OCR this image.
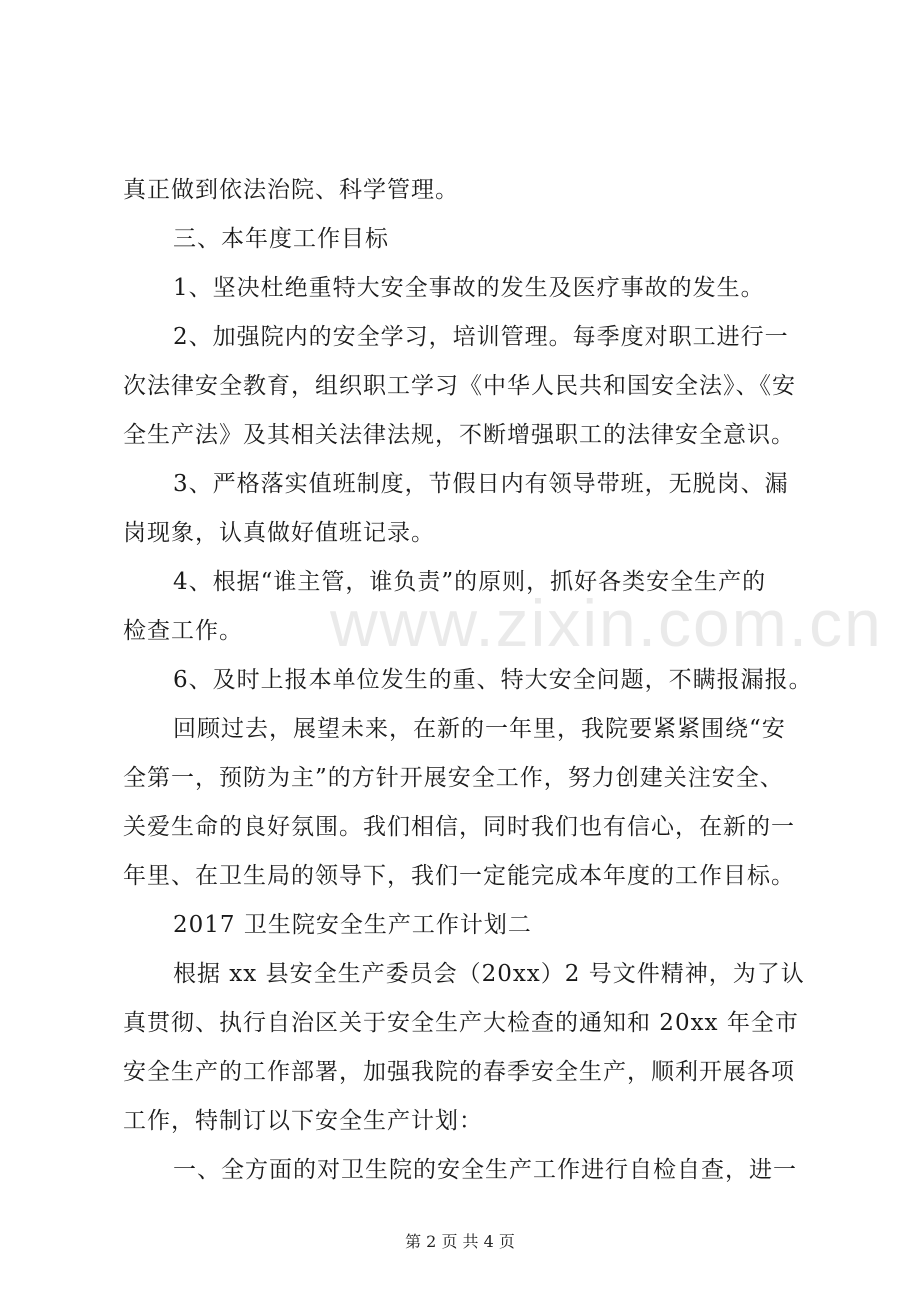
www.zixin.com.cn
真正做到依法治院、科学管理。
三、本年度工作目标
1、坚决杜绝重特大安全事故的发生及医疗事故的发生。
2、加强院内的安全学习，培训管理。每季度对职工进行一
次法律安全教育，组织职工学习《中华人民共和国安全法》、《安
全生产法》及其相关法律法规，不断增强职工的法律安全意识。
3、严格落实值班制度，节假日内有领导带班，无脱岗、漏
岗现象，认真做好值班记录。
4、根据“谁主管，谁负责”的原则，抓好各类安全生产的
检查工作。
6、及时上报本单位发生的重、特大安全问题，不瞒报漏报。
回顾过去，展望未来，在新的一年里，我院要紧紧围绕“安
全第一，预防为主”的方针开展安全工作，努力创建关注安全、
关爱生命的良好氛围。我们相信，同时我们也有信心，在新的一
年里、在卫生局的领导下，我们一定能完成本年度的工作目标。
2017 卫生院安全生产工作计划二
根据 xx 县安全生产委员会（20xx）2 号文件精神，为了认
真贯彻、执行自治区关于安全生产大检查的通知和 20xx 年全市
安全生产的工作部署，加强我院的春季安全生产，顺利开展各项
工作，特制订以下安全生产计划：
一、全方面的对卫生院的安全生产工作进行自检自查，进一
第 2 页 共 4 页
